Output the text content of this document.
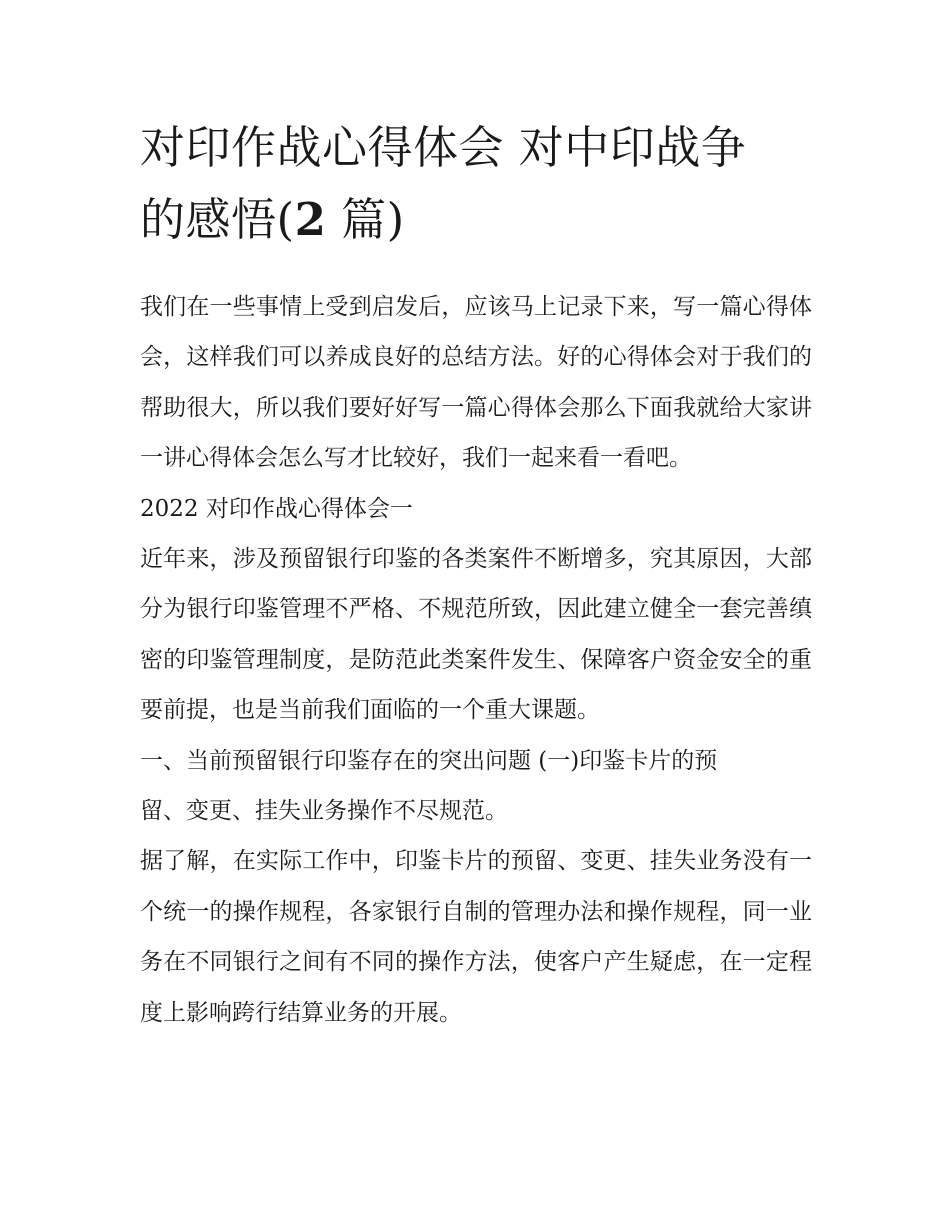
对印作战心得体会 对中印战争
的感悟(2 篇)

我们在一些事情上受到启发后，应该马上记录下来，写一篇心得体会，这样我们可以养成良好的总结方法。好的心得体会对于我们的帮助很大，所以我们要好好写一篇心得体会那么下面我就给大家讲一讲心得体会怎么写才比较好，我们一起来看一看吧。

2022 对印作战心得体会一

近年来，涉及预留银行印鉴的各类案件不断增多，究其原因，大部分为银行印鉴管理不严格、不规范所致，因此建立健全一套完善缜密的印鉴管理制度，是防范此类案件发生、保障客户资金安全的重要前提，也是当前我们面临的一个重大课题。

一、当前预留银行印鉴存在的突出问题 (一)印鉴卡片的预

留、变更、挂失业务操作不尽规范。

据了解，在实际工作中，印鉴卡片的预留、变更、挂失业务没有一个统一的操作规程，各家银行自制的管理办法和操作规程，同一业务在不同银行之间有不同的操作方法，使客户产生疑虑，在一定程度上影响跨行结算业务的开展。
